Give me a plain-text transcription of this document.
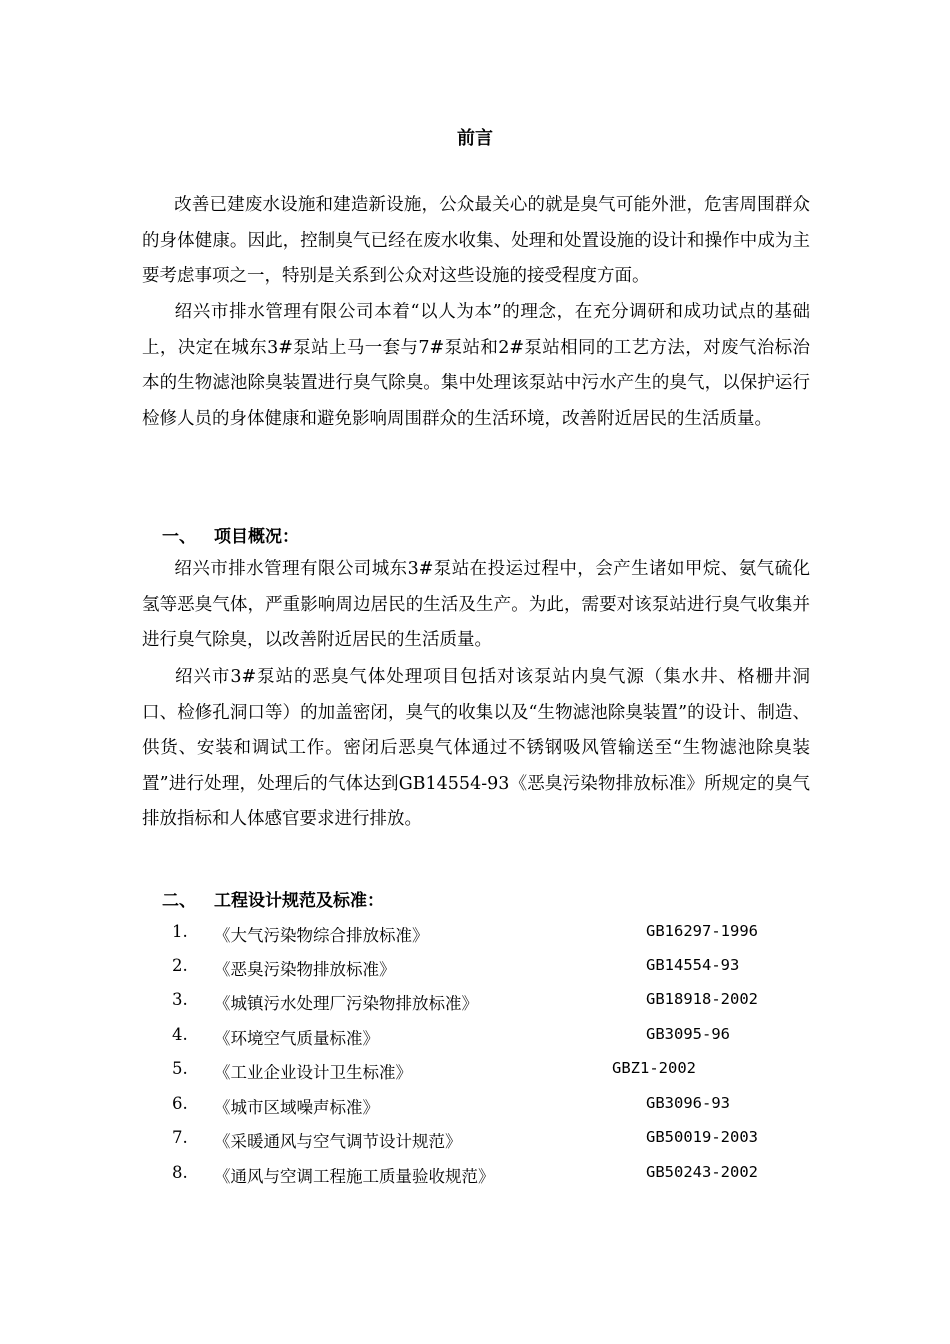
前言

改善已建废水设施和建造新设施，公众最关心的就是臭气可能外泄，危害周围群众的身体健康。因此，控制臭气已经在废水收集、处理和处置设施的设计和操作中成为主要考虑事项之一，特别是关系到公众对这些设施的接受程度方面。

绍兴市排水管理有限公司本着“以人为本”的理念，在充分调研和成功试点的基础上，决定在城东3#泵站上马一套与7#泵站和2#泵站相同的工艺方法，对废气治标治本的生物滤池除臭装置进行臭气除臭。集中处理该泵站中污水产生的臭气，以保护运行检修人员的身体健康和避免影响周围群众的生活环境，改善附近居民的生活质量。

一、 项目概况：

绍兴市排水管理有限公司城东3#泵站在投运过程中，会产生诸如甲烷、氨气硫化氢等恶臭气体，严重影响周边居民的生活及生产。为此，需要对该泵站进行臭气收集并进行臭气除臭，以改善附近居民的生活质量。

绍兴市3#泵站的恶臭气体处理项目包括对该泵站内臭气源（集水井、格栅井洞口、检修孔洞口等）的加盖密闭，臭气的收集以及“生物滤池除臭装置”的设计、制造、供货、安装和调试工作。密闭后恶臭气体通过不锈钢吸风管输送至“生物滤池除臭装置”进行处理，处理后的气体达到GB14554-93《恶臭污染物排放标准》所规定的臭气排放指标和人体感官要求进行排放。

二、 工程设计规范及标准：
1. 《大气污染物综合排放标准》	GB16297-1996
2. 《恶臭污染物排放标准》	GB14554-93
3. 《城镇污水处理厂污染物排放标准》	GB18918-2002
4. 《环境空气质量标准》	GB3095-96
5. 《工业企业设计卫生标准》	GBZ1-2002
6. 《城市区域噪声标准》	GB3096-93
7. 《采暖通风与空气调节设计规范》	GB50019-2003
8. 《通风与空调工程施工质量验收规范》	GB50243-2002
